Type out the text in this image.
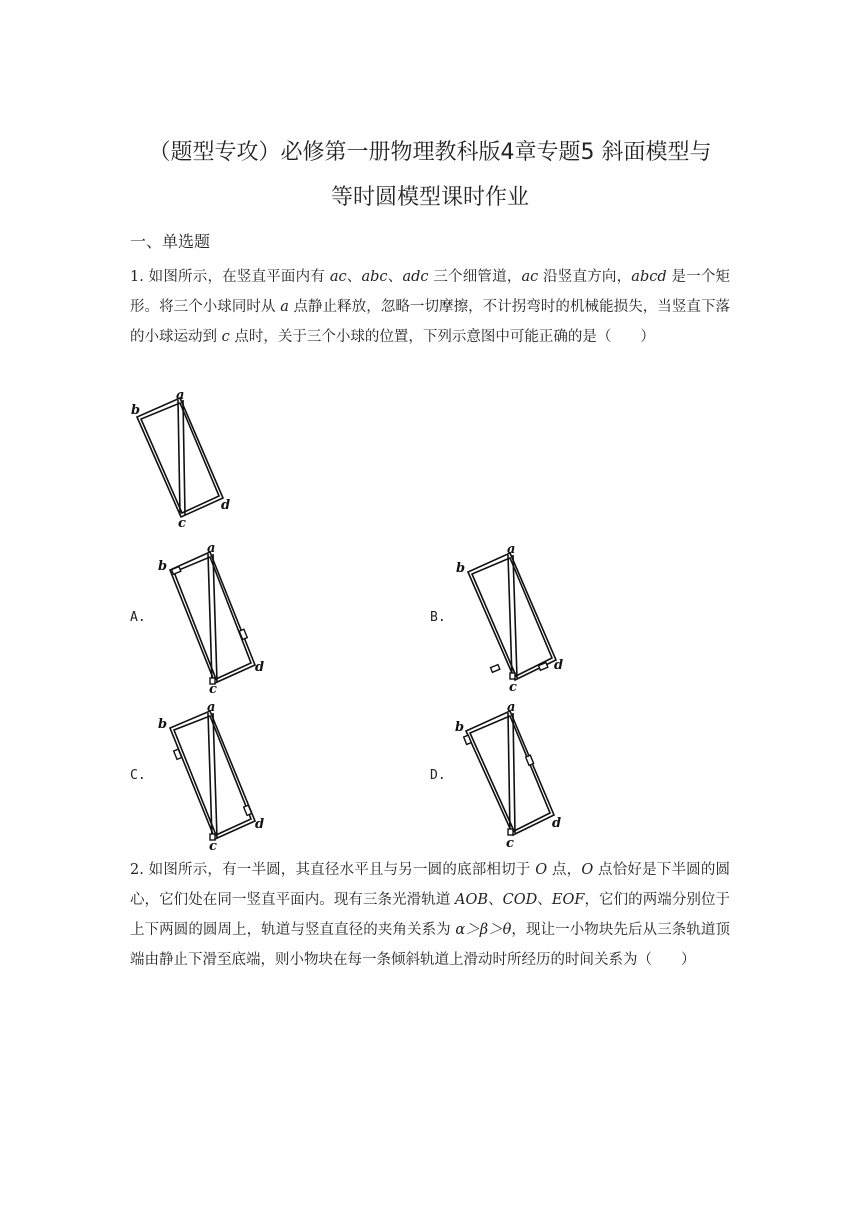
（题型专攻）必修第一册物理教科版4章专题5 斜面模型与
等时圆模型课时作业
一、单选题
1. 如图所示，在竖直平面内有 ac、abc、adc 三个细管道，ac 沿竖直方向，abcd 是一个矩形。将三个小球同时从 a 点静止释放，忽略一切摩擦，不计拐弯时的机械能损失，当竖直下落的小球运动到 c 点时，关于三个小球的位置，下列示意图中可能正确的是（　　）
a
b
c
d
A.
a
b
c
d
B.
a
b
c
d
C.
a
b
c
d
D.
a
b
c
d
2. 如图所示，有一半圆，其直径水平且与另一圆的底部相切于 O 点，O 点恰好是下半圆的圆心，它们处在同一竖直平面内。现有三条光滑轨道 AOB、COD、EOF，它们的两端分别位于上下两圆的圆周上，轨道与竖直直径的夹角关系为 α＞β＞θ，现让一小物块先后从三条轨道顶端由静止下滑至底端，则小物块在每一条倾斜轨道上滑动时所经历的时间关系为（　　）
